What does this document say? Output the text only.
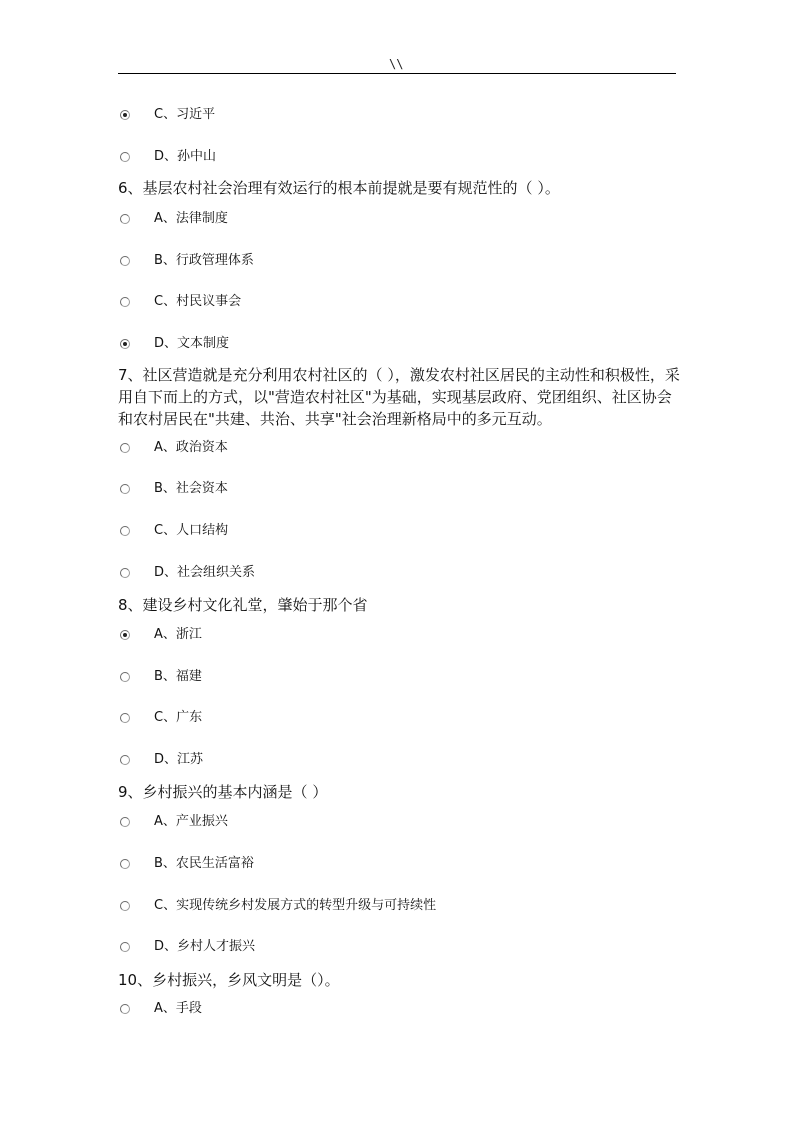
\\
C、习近平
D、孙中山

6、基层农村社会治理有效运行的根本前提就是要有规范性的（ ）。

A、法律制度
B、行政管理体系
C、村民议事会
D、文本制度

7、社区营造就是充分利用农村社区的（ ），激发农村社区居民的主动性和积极性，采用自下而上的方式，以"营造农村社区"为基础，实现基层政府、党团组织、社区协会和农村居民在"共建、共治、共享"社会治理新格局中的多元互动。

A、政治资本
B、社会资本
C、人口结构
D、社会组织关系

8、建设乡村文化礼堂，肇始于那个省

A、浙江
B、福建
C、广东
D、江苏

9、乡村振兴的基本内涵是（ ）

A、产业振兴
B、农民生活富裕
C、实现传统乡村发展方式的转型升级与可持续性
D、乡村人才振兴

10、乡村振兴，乡风文明是（）。

A、手段
